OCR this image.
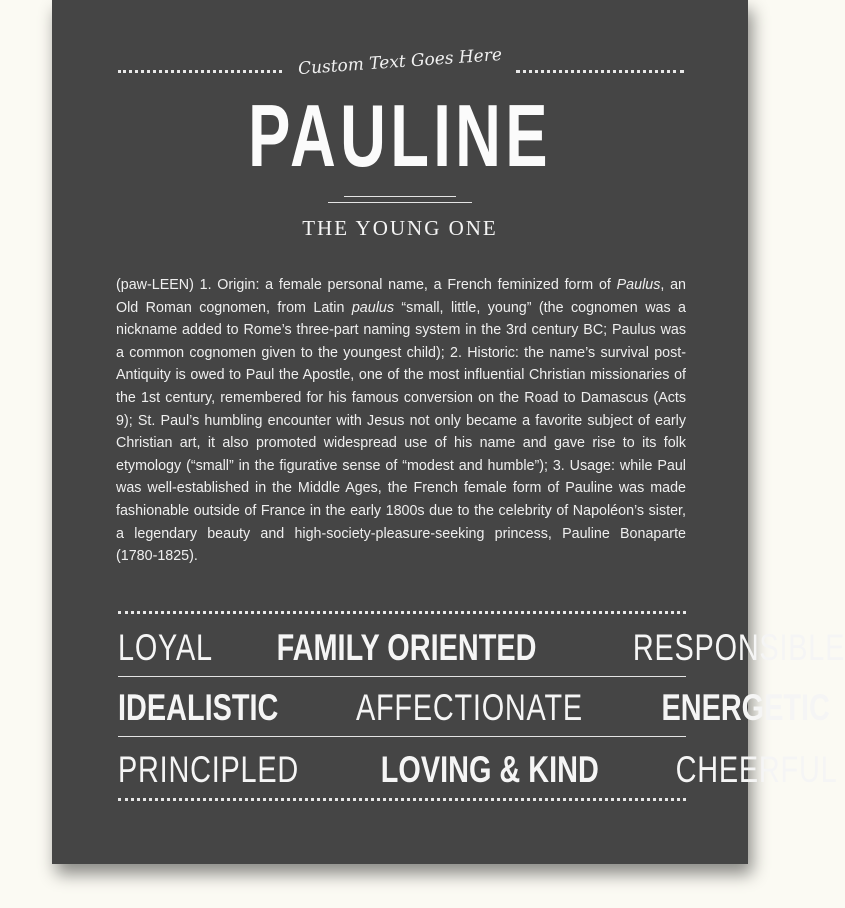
Custom Text Goes Here
PAULINE
THE YOUNG ONE

(paw-LEEN) 1. Origin: a female personal name, a French feminized form of Paulus, an Old Roman cognomen, from Latin paulus “small, little, young” (the cognomen was a nickname added to Rome’s three-part naming system in the 3rd century BC; Paulus was a common cognomen given to the youngest child); 2. Historic: the name’s survival post-Antiquity is owed to Paul the Apostle, one of the most influential Christian missionaries of the 1st century, remembered for his famous conversion on the Road to Damascus (Acts 9); St. Paul’s humbling encounter with Jesus not only became a favorite subject of early Christian art, it also promoted widespread use of his name and gave rise to its folk etymology (“small” in the figurative sense of “modest and humble”); 3. Usage: while Paul was well-established in the Middle Ages, the French female form of Pauline was made fashionable outside of France in the early 1800s due to the celebrity of Napoléon’s sister, a legendary beauty and high-society-pleasure-seeking princess, Pauline Bonaparte (1780-1825).

LOYAL FAMILY ORIENTED	RESPONSIBLE
IDEALISTIC AFFECTIONATE ENERGETIC
PRINCIPLED LOVING & KIND CHEERFUL
